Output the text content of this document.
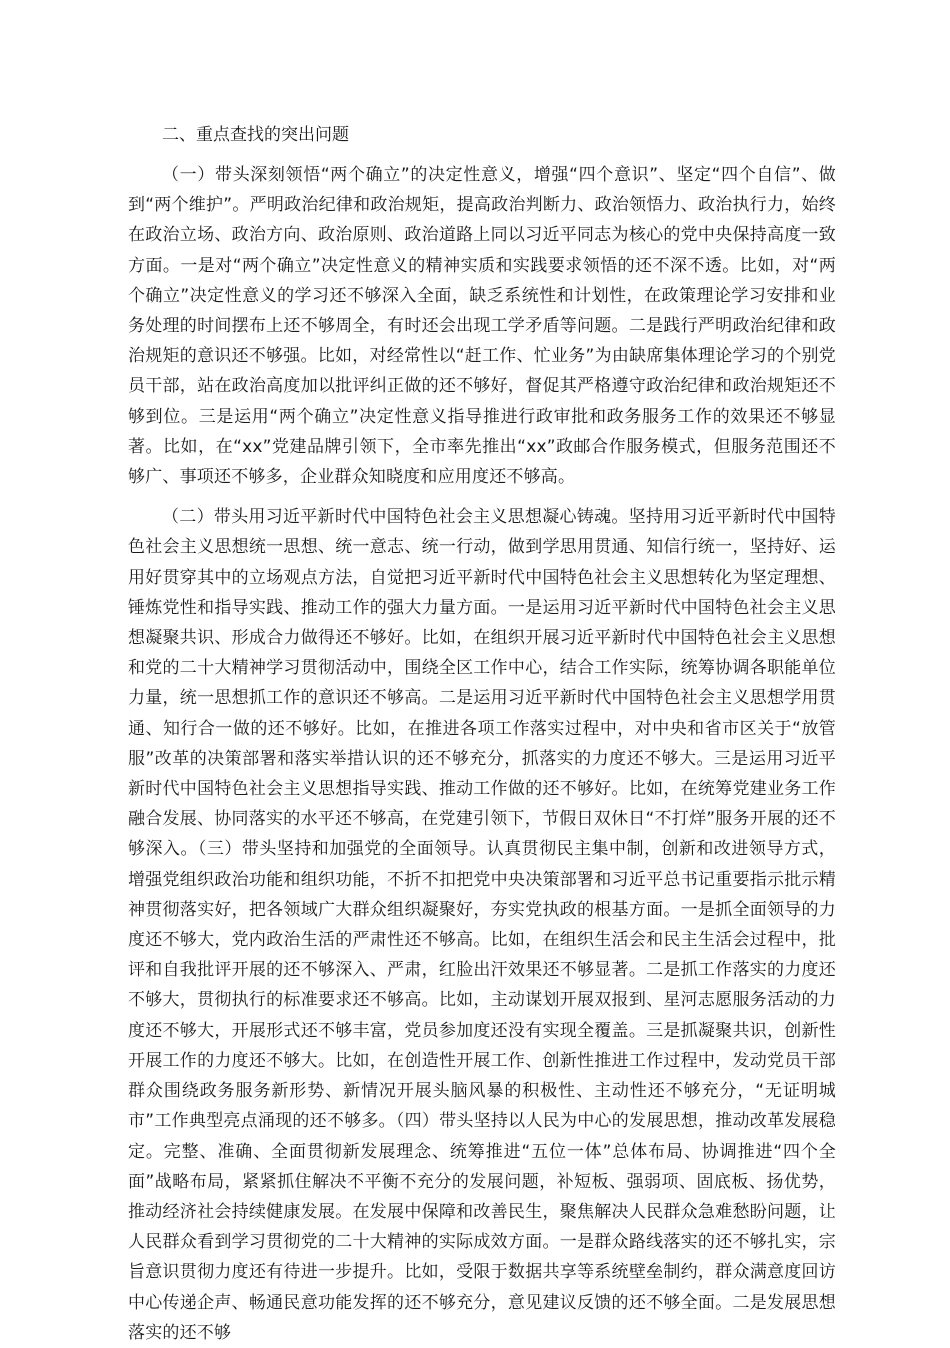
二、重点查找的突出问题

（一）带头深刻领悟“两个确立”的决定性意义，增强“四个意识”、坚定“四个自信”、做到“两个维护”。严明政治纪律和政治规矩，提高政治判断力、政治领悟力、政治执行力，始终在政治立场、政治方向、政治原则、政治道路上同以习近平同志为核心的党中央保持高度一致方面。一是对“两个确立”决定性意义的精神实质和实践要求领悟的还不深不透。比如，对“两个确立”决定性意义的学习还不够深入全面，缺乏系统性和计划性，在政策理论学习安排和业务处理的时间摆布上还不够周全，有时还会出现工学矛盾等问题。二是践行严明政治纪律和政治规矩的意识还不够强。比如，对经常性以“赶工作、忙业务”为由缺席集体理论学习的个别党员干部，站在政治高度加以批评纠正做的还不够好，督促其严格遵守政治纪律和政治规矩还不够到位。三是运用“两个确立”决定性意义指导推进行政审批和政务服务工作的效果还不够显著。比如，在“xx”党建品牌引领下，全市率先推出“xx”政邮合作服务模式，但服务范围还不够广、事项还不够多，企业群众知晓度和应用度还不够高。

（二）带头用习近平新时代中国特色社会主义思想凝心铸魂。坚持用习近平新时代中国特色社会主义思想统一思想、统一意志、统一行动，做到学思用贯通、知信行统一，坚持好、运用好贯穿其中的立场观点方法，自觉把习近平新时代中国特色社会主义思想转化为坚定理想、锤炼党性和指导实践、推动工作的强大力量方面。一是运用习近平新时代中国特色社会主义思想凝聚共识、形成合力做得还不够好。比如，在组织开展习近平新时代中国特色社会主义思想和党的二十大精神学习贯彻活动中，围绕全区工作中心，结合工作实际，统筹协调各职能单位力量，统一思想抓工作的意识还不够高。二是运用习近平新时代中国特色社会主义思想学用贯通、知行合一做的还不够好。比如，在推进各项工作落实过程中，对中央和省市区关于“放管服”改革的决策部署和落实举措认识的还不够充分，抓落实的力度还不够大。三是运用习近平新时代中国特色社会主义思想指导实践、推动工作做的还不够好。比如，在统筹党建业务工作融合发展、协同落实的水平还不够高，在党建引领下，节假日双休日“不打烊”服务开展的还不够深入。（三）带头坚持和加强党的全面领导。认真贯彻民主集中制，创新和改进领导方式，增强党组织政治功能和组织功能，不折不扣把党中央决策部署和习近平总书记重要指示批示精神贯彻落实好，把各领域广大群众组织凝聚好，夯实党执政的根基方面。一是抓全面领导的力度还不够大，党内政治生活的严肃性还不够高。比如，在组织生活会和民主生活会过程中，批评和自我批评开展的还不够深入、严肃，红脸出汗效果还不够显著。二是抓工作落实的力度还不够大，贯彻执行的标准要求还不够高。比如，主动谋划开展双报到、星河志愿服务活动的力度还不够大，开展形式还不够丰富，党员参加度还没有实现全覆盖。三是抓凝聚共识，创新性开展工作的力度还不够大。比如，在创造性开展工作、创新性推进工作过程中，发动党员干部群众围绕政务服务新形势、新情况开展头脑风暴的积极性、主动性还不够充分，“无证明城市”工作典型亮点涌现的还不够多。（四）带头坚持以人民为中心的发展思想，推动改革发展稳定。完整、准确、全面贯彻新发展理念、统筹推进“五位一体”总体布局、协调推进“四个全面”战略布局，紧紧抓住解决不平衡不充分的发展问题，补短板、强弱项、固底板、扬优势，推动经济社会持续健康发展。在发展中保障和改善民生，聚焦解决人民群众急难愁盼问题，让人民群众看到学习贯彻党的二十大精神的实际成效方面。一是群众路线落实的还不够扎实，宗旨意识贯彻力度还有待进一步提升。比如，受限于数据共享等系统壁垒制约，群众满意度回访中心传递企声、畅通民意功能发挥的还不够充分，意见建议反馈的还不够全面。二是发展思想落实的还不够
